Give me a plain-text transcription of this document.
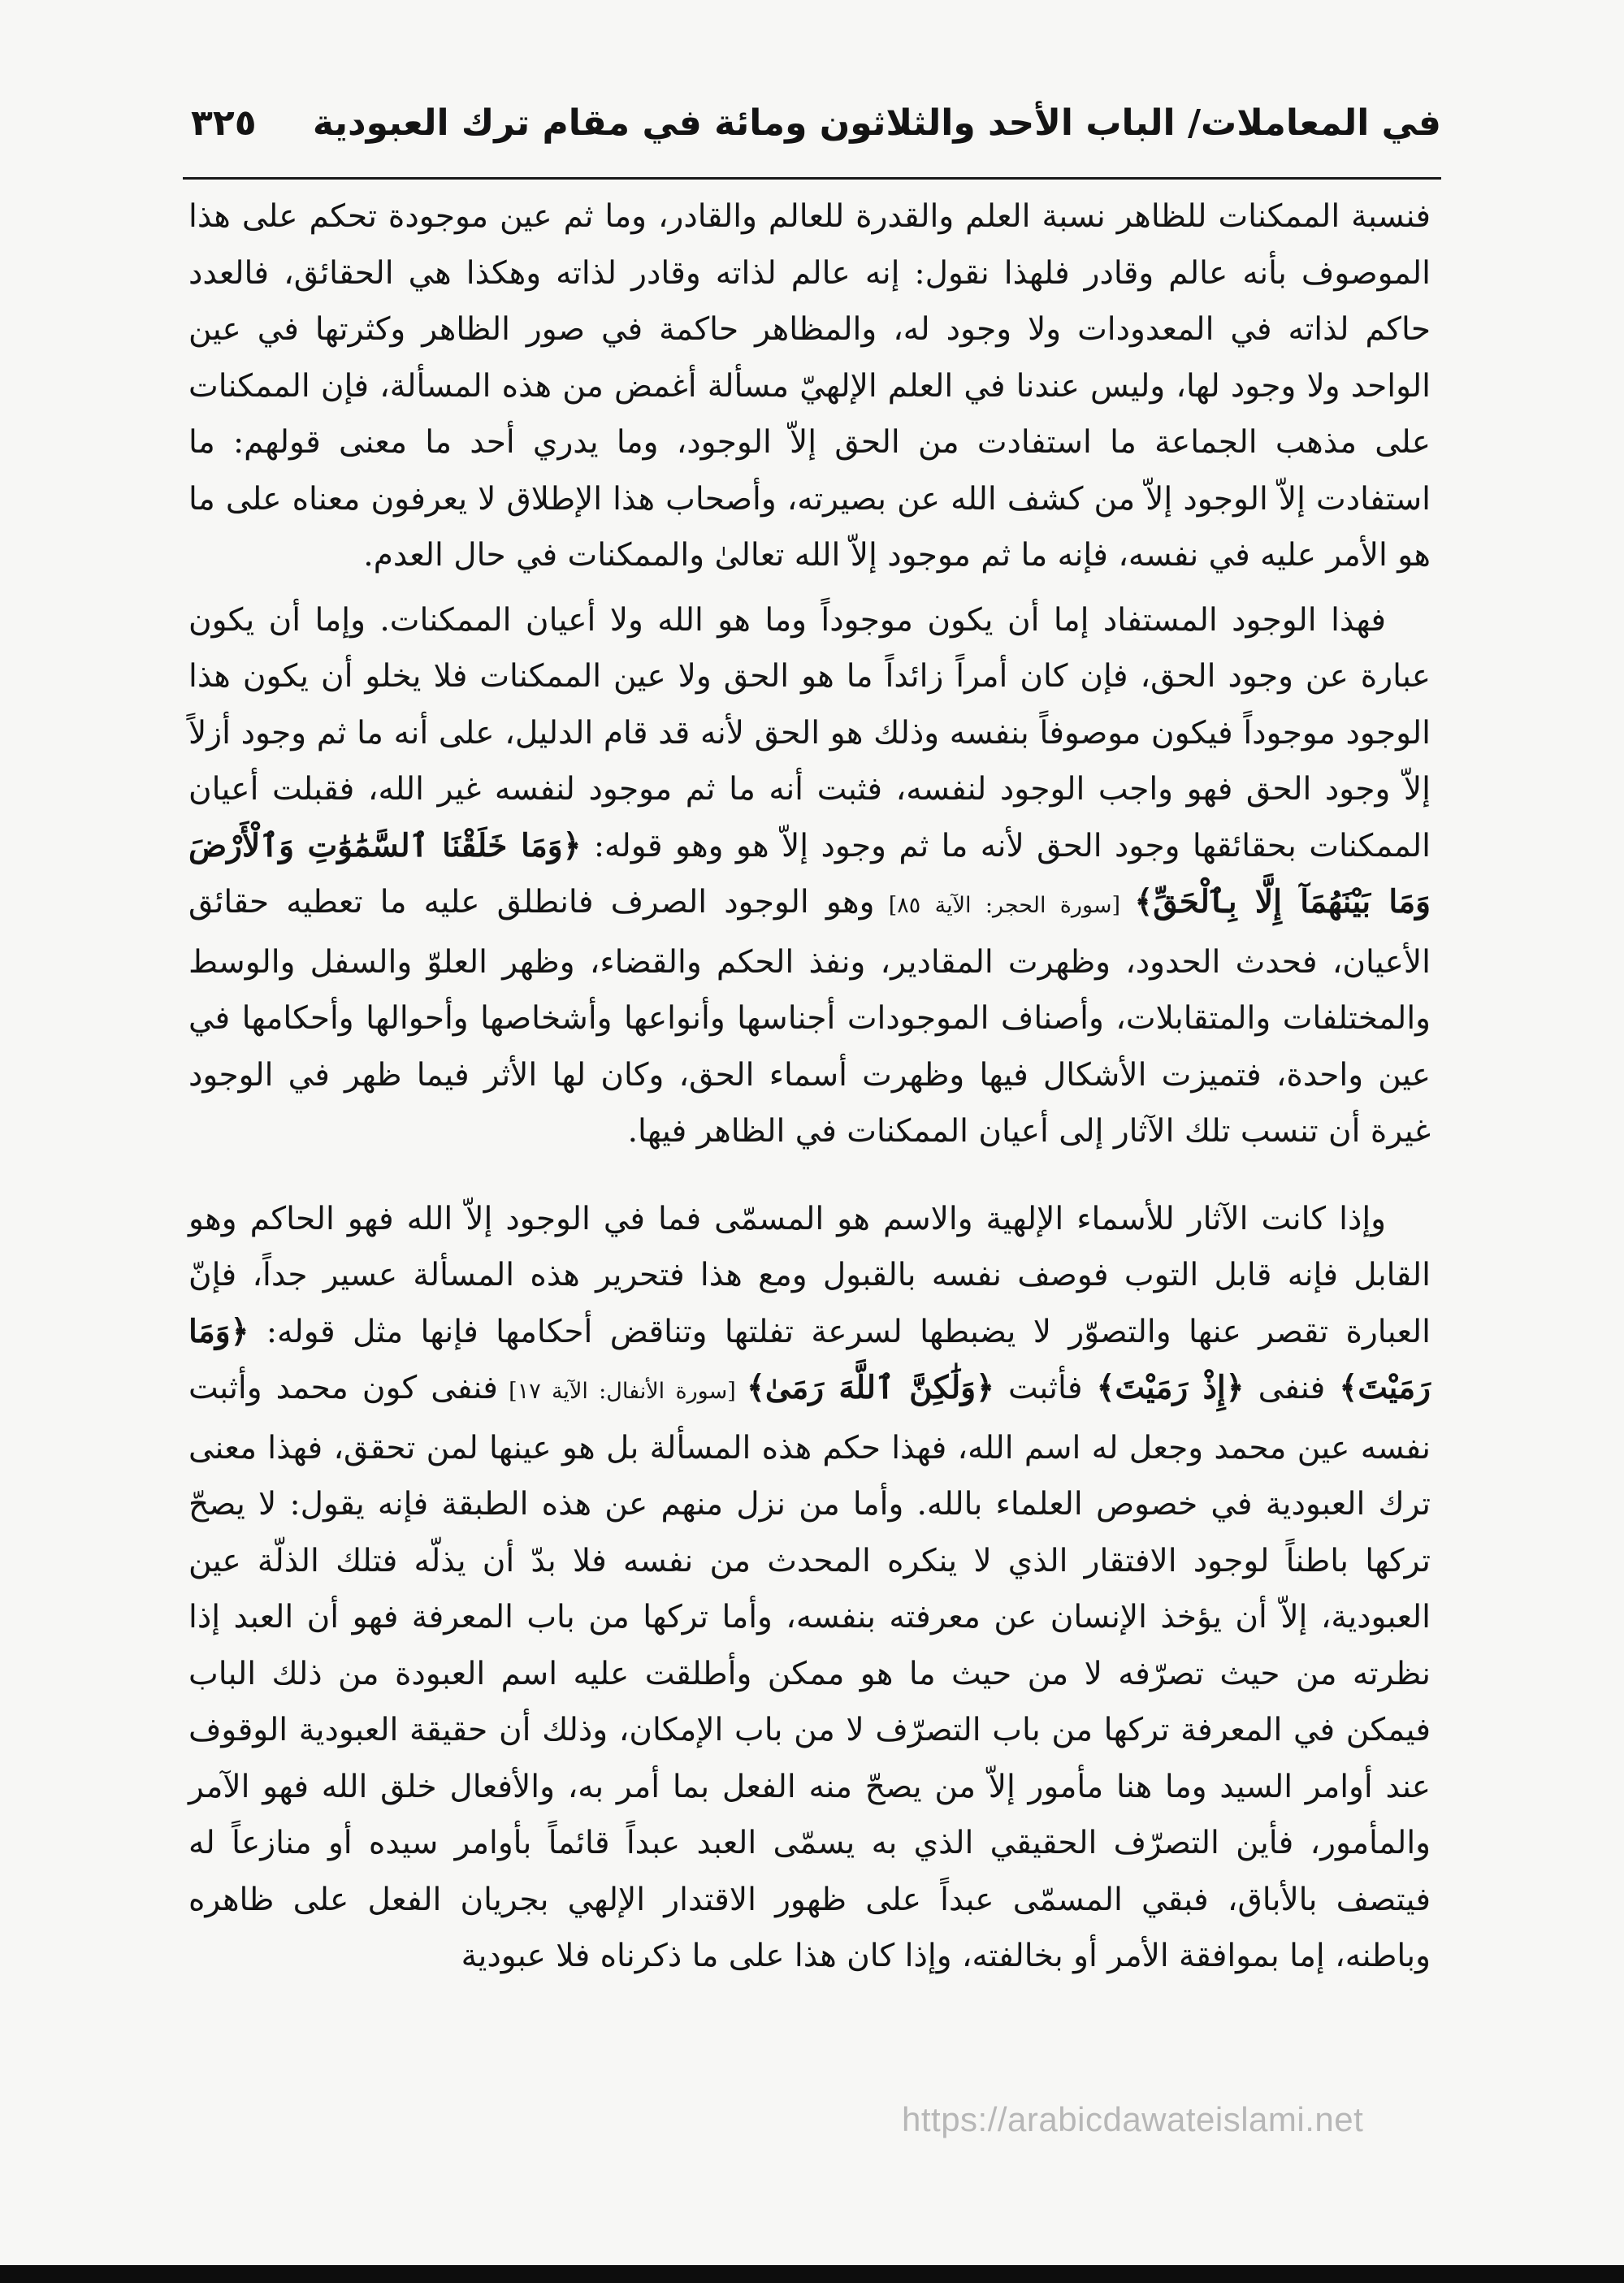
في المعاملات/ الباب الأحد والثلاثون ومائة في مقام ترك العبودية
٣٢٥

فنسبة الممكنات للظاهر نسبة العلم والقدرة للعالم والقادر، وما ثم عين موجودة تحكم على هذا الموصوف بأنه عالم وقادر فلهذا نقول: إنه عالم لذاته وقادر لذاته وهكذا هي الحقائق، فالعدد حاكم لذاته في المعدودات ولا وجود له، والمظاهر حاكمة في صور الظاهر وكثرتها في عين الواحد ولا وجود لها، وليس عندنا في العلم الإلهيّ مسألة أغمض من هذه المسألة، فإن الممكنات على مذهب الجماعة ما استفادت من الحق إلاّ الوجود، وما يدري أحد ما معنى قولهم: ما استفادت إلاّ الوجود إلاّ من كشف الله عن بصيرته، وأصحاب هذا الإطلاق لا يعرفون معناه على ما هو الأمر عليه في نفسه، فإنه ما ثم موجود إلاّ الله تعالىٰ والممكنات في حال العدم.

فهذا الوجود المستفاد إما أن يكون موجوداً وما هو الله ولا أعيان الممكنات. وإما أن يكون عبارة عن وجود الحق، فإن كان أمراً زائداً ما هو الحق ولا عين الممكنات فلا يخلو أن يكون هذا الوجود موجوداً فيكون موصوفاً بنفسه وذلك هو الحق لأنه قد قام الدليل، على أنه ما ثم وجود أزلاً إلاّ وجود الحق فهو واجب الوجود لنفسه، فثبت أنه ما ثم موجود لنفسه غير الله، فقبلت أعيان الممكنات بحقائقها وجود الحق لأنه ما ثم وجود إلاّ هو وهو قوله: ﴿وَمَا خَلَقْنَا ٱلسَّمَٰوَٰتِ وَٱلْأَرْضَ وَمَا بَيْنَهُمَآ إِلَّا بِٱلْحَقِّ﴾ [سورة الحجر: الآية ٨٥] وهو الوجود الصرف فانطلق عليه ما تعطيه حقائق الأعيان، فحدث الحدود، وظهرت المقادير، ونفذ الحكم والقضاء، وظهر العلوّ والسفل والوسط والمختلفات والمتقابلات، وأصناف الموجودات أجناسها وأنواعها وأشخاصها وأحوالها وأحكامها في عين واحدة، فتميزت الأشكال فيها وظهرت أسماء الحق، وكان لها الأثر فيما ظهر في الوجود غيرة أن تنسب تلك الآثار إلى أعيان الممكنات في الظاهر فيها.

وإذا كانت الآثار للأسماء الإلهية والاسم هو المسمّى فما في الوجود إلاّ الله فهو الحاكم وهو القابل فإنه قابل التوب فوصف نفسه بالقبول ومع هذا فتحرير هذه المسألة عسير جداً، فإنّ العبارة تقصر عنها والتصوّر لا يضبطها لسرعة تفلتها وتناقض أحكامها فإنها مثل قوله: ﴿وَمَا رَمَيْتَ﴾ فنفى ﴿إِذْ رَمَيْتَ﴾ فأثبت ﴿وَلَٰكِنَّ ٱللَّهَ رَمَىٰ﴾ [سورة الأنفال: الآية ١٧] فنفى كون محمد وأثبت نفسه عين محمد وجعل له اسم الله، فهذا حكم هذه المسألة بل هو عينها لمن تحقق، فهذا معنى ترك العبودية في خصوص العلماء بالله. وأما من نزل منهم عن هذه الطبقة فإنه يقول: لا يصحّ تركها باطناً لوجود الافتقار الذي لا ينكره المحدث من نفسه فلا بدّ أن يذلّه فتلك الذلّة عين العبودية، إلاّ أن يؤخذ الإنسان عن معرفته بنفسه، وأما تركها من باب المعرفة فهو أن العبد إذا نظرته من حيث تصرّفه لا من حيث ما هو ممكن وأطلقت عليه اسم العبودة من ذلك الباب فيمكن في المعرفة تركها من باب التصرّف لا من باب الإمكان، وذلك أن حقيقة العبودية الوقوف عند أوامر السيد وما هنا مأمور إلاّ من يصحّ منه الفعل بما أمر به، والأفعال خلق الله فهو الآمر والمأمور، فأين التصرّف الحقيقي الذي به يسمّى العبد عبداً قائماً بأوامر سيده أو منازعاً له فيتصف بالأباق، فبقي المسمّى عبداً على ظهور الاقتدار الإلهي بجريان الفعل على ظاهره وباطنه، إما بموافقة الأمر أو بخالفته، وإذا كان هذا على ما ذكرناه فلا عبودية

https://arabicdawateislami.net
